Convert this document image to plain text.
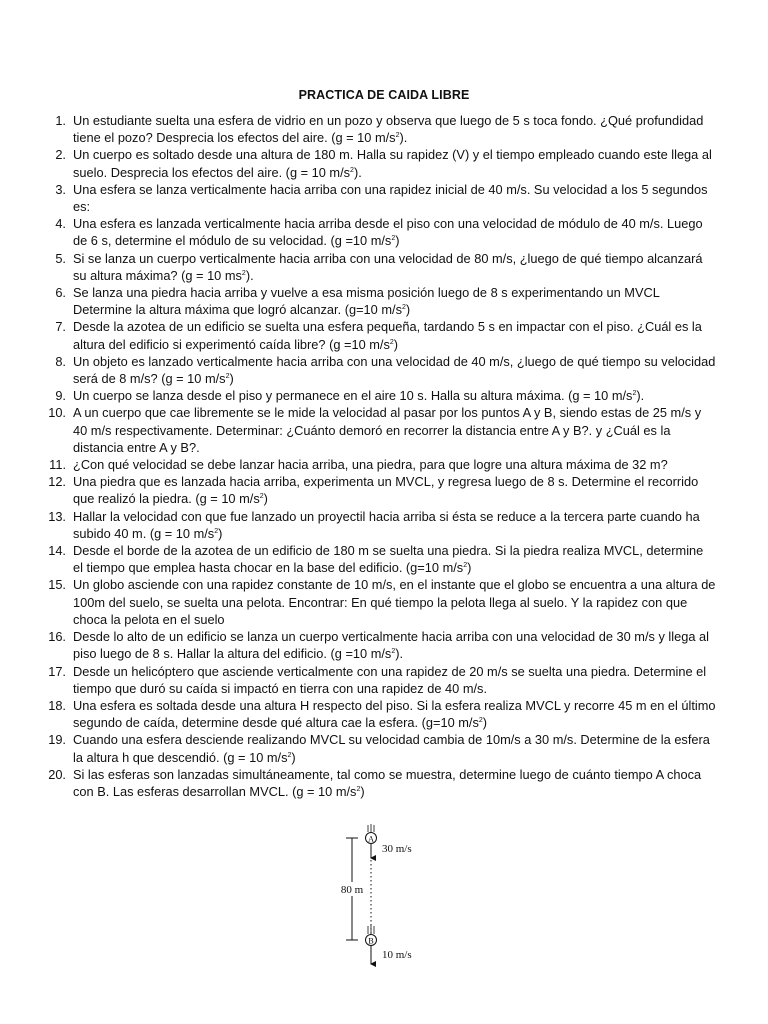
PRACTICA DE CAIDA LIBRE
1. Un estudiante suelta una esfera de vidrio en un pozo y observa que luego de 5 s toca fondo. ¿Qué profundidad tiene el pozo? Desprecia los efectos del aire. (g = 10 $m/s^2$).
2. Un cuerpo es soltado desde una altura de 180 m. Halla su rapidez (V) y el tiempo empleado cuando este llega al suelo. Desprecia los efectos del aire. (g = 10 $m/s^2$).
3. Una esfera se lanza verticalmente hacia arriba con una rapidez inicial de 40 m/s. Su velocidad a los 5 segundos es:
4. Una esfera es lanzada verticalmente hacia arriba desde el piso con una velocidad de módulo de 40 m/s. Luego de 6 s, determine el módulo de su velocidad. (g =10 $m/s^2$)
5. Si se lanza un cuerpo verticalmente hacia arriba con una velocidad de 80 m/s, ¿luego de qué tiempo alcanzará su altura máxima? (g = 10 $ms^2$).
6. Se lanza una piedra hacia arriba y vuelve a esa misma posición luego de 8 s experimentando un MVCL Determine la altura máxima que logró alcanzar. (g=10 $m/s^2$)
7. Desde la azotea de un edificio se suelta una esfera pequeña, tardando 5 s en impactar con el piso. ¿Cuál es la altura del edificio si experimentó caída libre? (g =10 $m/s^2$)
8. Un objeto es lanzado verticalmente hacia arriba con una velocidad de 40 m/s, ¿luego de qué tiempo su velocidad será de 8 m/s? (g = 10 $m/s^2$)
9. Un cuerpo se lanza desde el piso y permanece en el aire 10 s. Halla su altura máxima. (g = 10 $m/s^2$).
10. A un cuerpo que cae libremente se le mide la velocidad al pasar por los puntos A y B, siendo estas de 25 m/s y 40 m/s respectivamente. Determinar: ¿Cuánto demoró en recorrer la distancia entre A y B?. y ¿Cuál es la distancia entre A y B?.
11. ¿Con qué velocidad se debe lanzar hacia arriba, una piedra, para que logre una altura máxima de 32 m?
12. Una piedra que es lanzada hacia arriba, experimenta un MVCL, y regresa luego de 8 s. Determine el recorrido que realizó la piedra. (g = 10 $m/s^2$)
13. Hallar la velocidad con que fue lanzado un proyectil hacia arriba si ésta se reduce a la tercera parte cuando ha subido 40 m. (g = 10 $m/s^2$)
14. Desde el borde de la azotea de un edificio de 180 m se suelta una piedra. Si la piedra realiza MVCL, determine el tiempo que emplea hasta chocar en la base del edificio. (g=10 $m/s^2$)
15. Un globo asciende con una rapidez constante de 10 m/s, en el instante que el globo se encuentra a una altura de 100m del suelo, se suelta una pelota. Encontrar: En qué tiempo la pelota llega al suelo. Y la rapidez con que choca la pelota en el suelo
16. Desde lo alto de un edificio se lanza un cuerpo verticalmente hacia arriba con una velocidad de 30 m/s y llega al piso luego de 8 s. Hallar la altura del edificio. (g =10 $m/s^2$).
17. Desde un helicóptero que asciende verticalmente con una rapidez de 20 m/s se suelta una piedra. Determine el tiempo que duró su caída si impactó en tierra con una rapidez de 40 m/s.
18. Una esfera es soltada desde una altura H respecto del piso. Si la esfera realiza MVCL y recorre 45 m en el último segundo de caída, determine desde qué altura cae la esfera. (g=10 $m/s^2$)
19. Cuando una esfera desciende realizando MVCL su velocidad cambia de 10m/s a 30 m/s. Determine de la esfera la altura h que descendió. (g = 10 $m/s^2$)
20. Si las esferas son lanzadas simultáneamente, tal como se muestra, determine luego de cuánto tiempo A choca con B. Las esferas desarrollan MVCL. (g = 10 $m/s^2$)
80 m
A
30 m/s
B
10 m/s
